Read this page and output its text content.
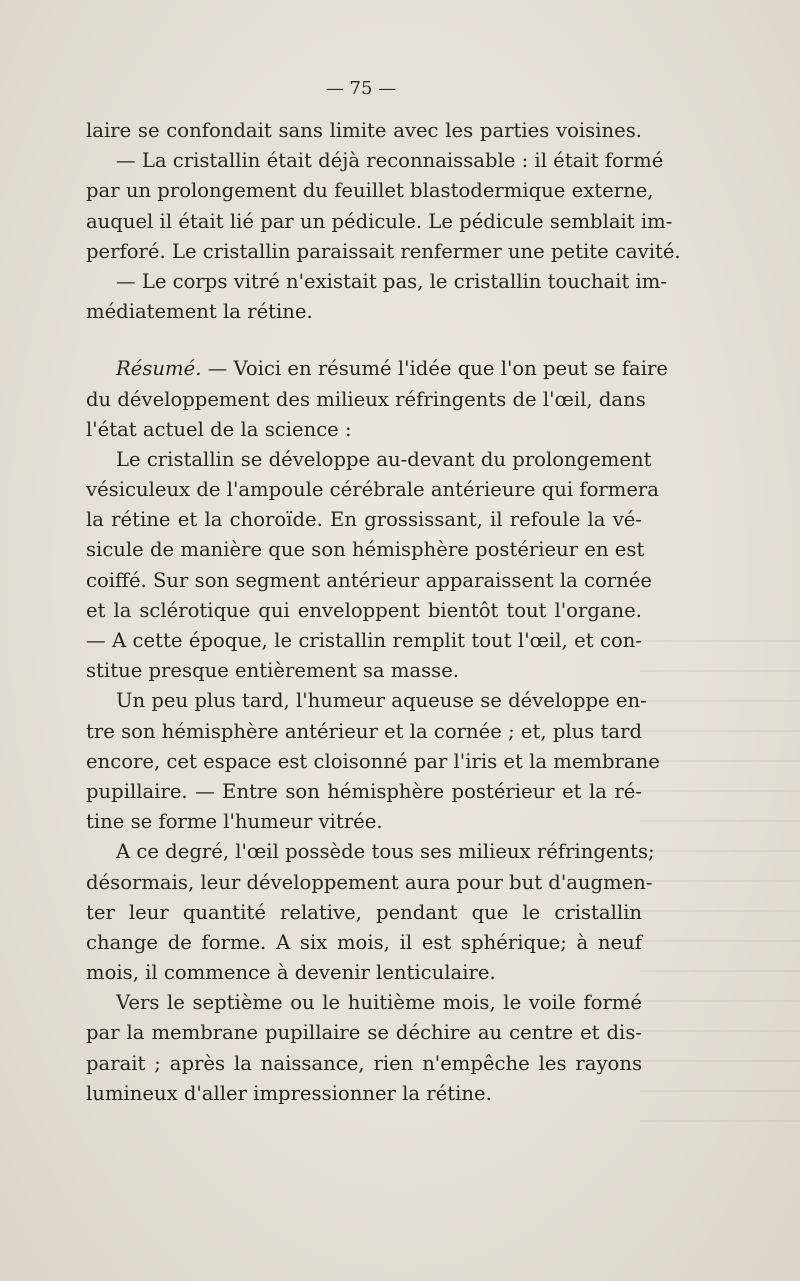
— 75 —
laire se confondait sans limite avec les parties voisines.
— La cristallin était déjà reconnaissable : il était formé
par un prolongement du feuillet blastodermique externe,
auquel il était lié par un pédicule. Le pédicule semblait im-
perforé. Le cristallin paraissait renfermer une petite cavité.
— Le corps vitré n'existait pas, le cristallin touchait im-
médiatement la rétine.
Résumé. — Voici en résumé l'idée que l'on peut se faire
du développement des milieux réfringents de l'œil, dans
l'état actuel de la science :
Le cristallin se développe au-devant du prolongement
vésiculeux de l'ampoule cérébrale antérieure qui formera
la rétine et la choroïde. En grossissant, il refoule la vé-
sicule de manière que son hémisphère postérieur en est
coiffé. Sur son segment antérieur apparaissent la cornée
et la sclérotique qui enveloppent bientôt tout l'organe.
— A cette époque, le cristallin remplit tout l'œil, et con-
stitue presque entièrement sa masse.
Un peu plus tard, l'humeur aqueuse se développe en-
tre son hémisphère antérieur et la cornée ; et, plus tard
encore, cet espace est cloisonné par l'iris et la membrane
pupillaire. — Entre son hémisphère postérieur et la ré-
tine se forme l'humeur vitrée.
A ce degré, l'œil possède tous ses milieux réfringents;
désormais, leur développement aura pour but d'augmen-
ter leur quantité relative, pendant que le cristallin
change de forme. A six mois, il est sphérique; à neuf
mois, il commence à devenir lenticulaire.
Vers le septième ou le huitième mois, le voile formé
par la membrane pupillaire se déchire au centre et dis-
parait ; après la naissance, rien n'empêche les rayons
lumineux d'aller impressionner la rétine.
